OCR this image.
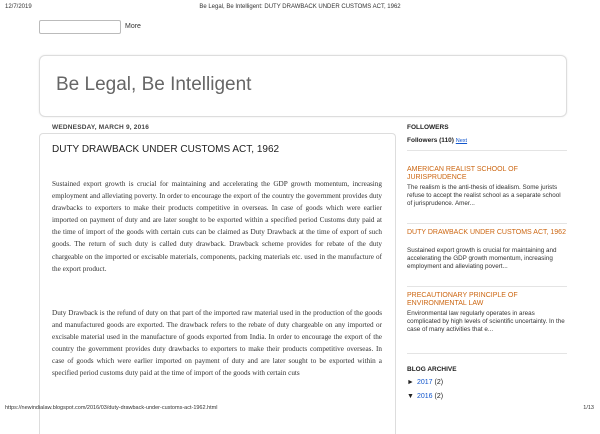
12/7/2019	Be Legal, Be Intelligent: DUTY DRAWBACK UNDER CUSTOMS ACT, 1962
More
Be Legal, Be Intelligent
WEDNESDAY, MARCH 9, 2016
DUTY DRAWBACK UNDER CUSTOMS ACT, 1962
Sustained export growth is crucial for maintaining and accelerating the GDP growth momentum, increasing employment and alleviating poverty. In order to encourage the export of the country the government provides duty drawbacks to exporters to make their products competitive in overseas. In case of goods which were earlier imported on payment of duty and are later sought to be exported within a specified period Customs duty paid at the time of import of the goods with certain cuts can be claimed as Duty Drawback at the time of export of such goods. The return of such duty is called duty drawback. Drawback scheme provides for rebate of the duty chargeable on the imported or excisable materials, components, packing materials etc. used in the manufacture of the export product.
Duty Drawback is the refund of duty on that part of the imported raw material used in the production of the goods and manufactured goods are exported. The drawback refers to the rebate of duty chargeable on any imported or excisable material used in the manufacture of goods exported from India. In order to encourage the export of the country the government provides duty drawbacks to exporters to make their products competitive overseas. In case of goods which were earlier imported on payment of duty and are later sought to be exported within a specified period customs duty paid at the time of import of the goods with certain cuts
FOLLOWERS
Followers (110) Next
AMERICAN REALIST SCHOOL OF JURISPRUDENCE
The realism is the anti-thesis of idealism. Some jurists refuse to accept the realist school as a separate school of jurisprudence. Amer...
DUTY DRAWBACK UNDER CUSTOMS ACT, 1962
Sustained export growth is crucial for maintaining and accelerating the GDP growth momentum, increasing employment and alleviating povert...
PRECAUTIONARY PRINCIPLE OF ENVIRONMENTAL LAW
Environmental law regularly operates in areas complicated by high levels of scientific uncertainty. In the case of many activities that e...
BLOG ARCHIVE
► 2017 (2)
▼ 2016 (2)
https://newindialaw.blogspot.com/2016/03/duty-drawback-under-customs-act-1962.html	1/13
